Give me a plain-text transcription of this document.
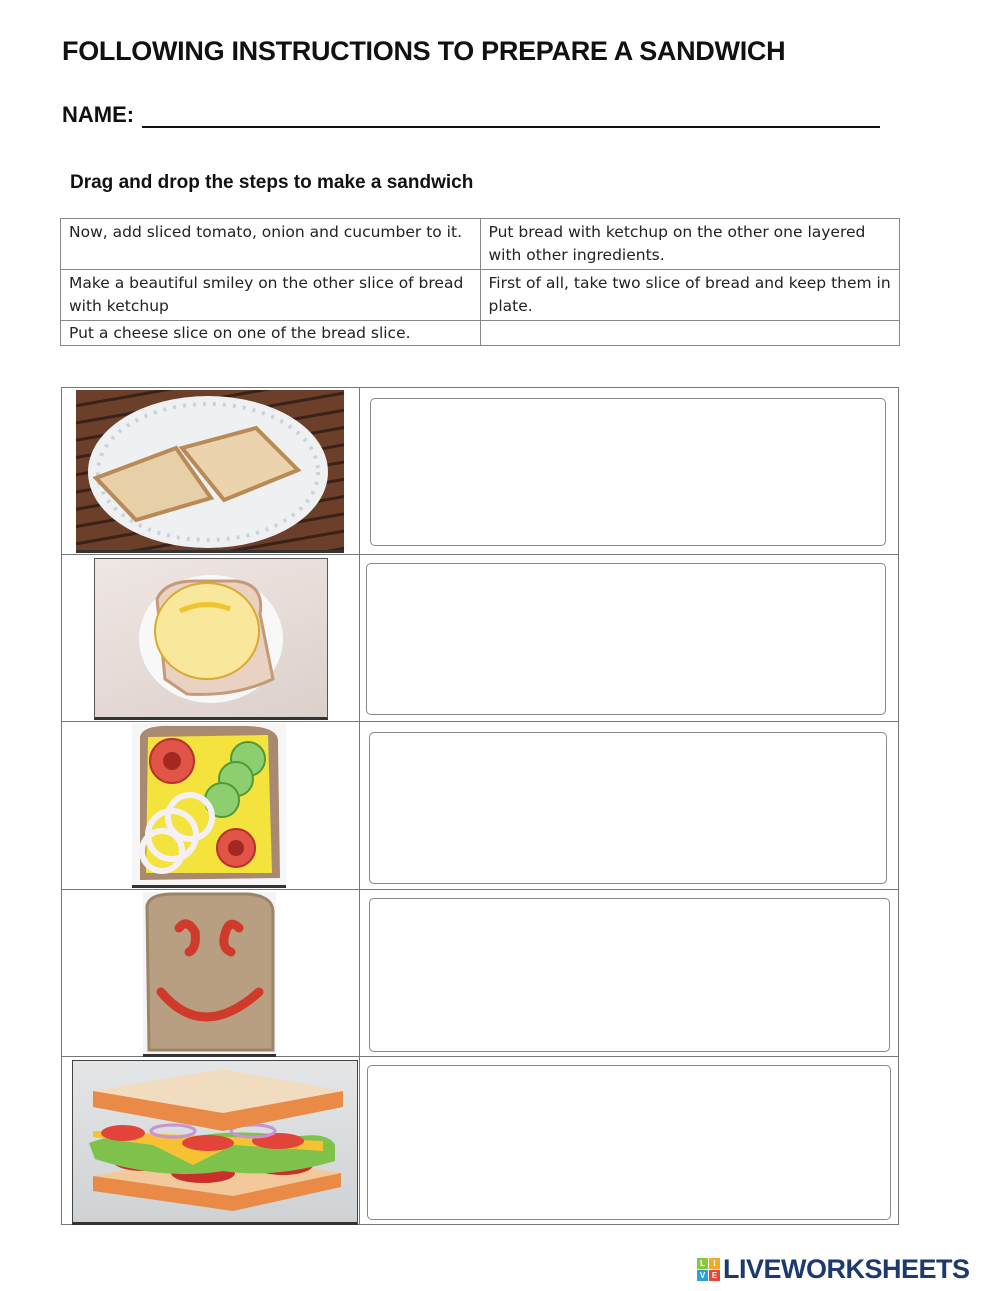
FOLLOWING INSTRUCTIONS TO PREPARE A SANDWICH
NAME:
Drag and drop the steps to make a sandwich
Now, add sliced tomato, onion and cucumber to it.	Put bread with ketchup on the other one layered with other ingredients.
Make a beautiful smiley on the other slice of bread with ketchup	First of all, take two slice of bread and keep them in plate.
Put a cheese slice on one of the bread slice.	
L	I
V E LIVEWORKSHEETS
